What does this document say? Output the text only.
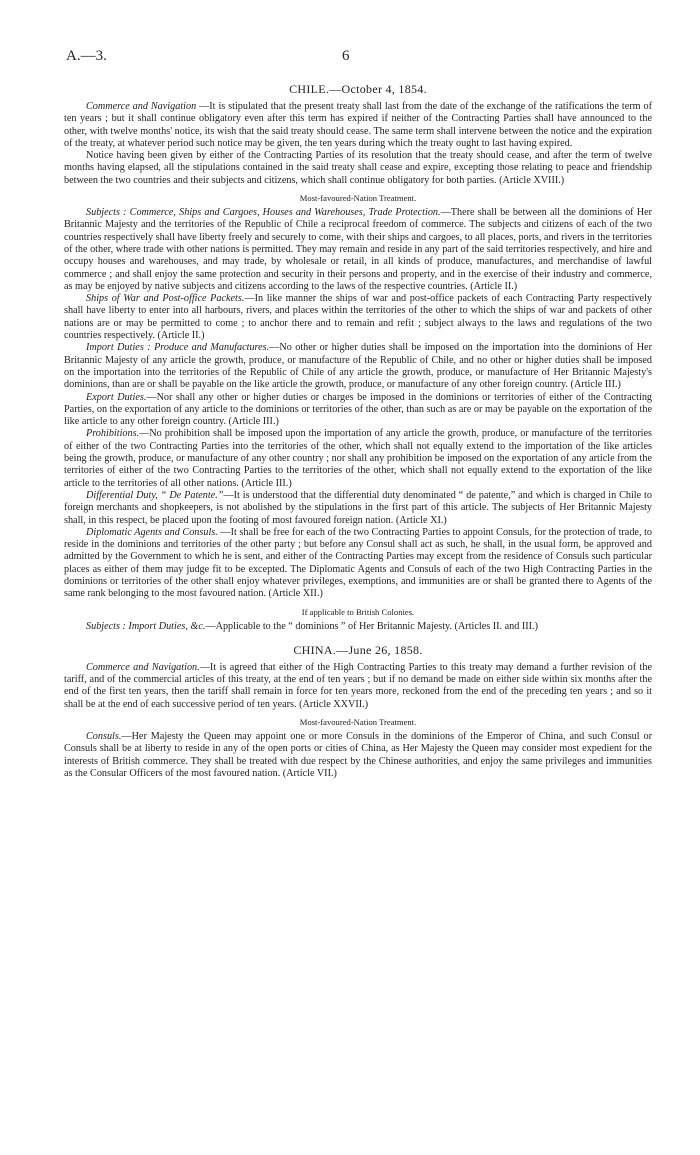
A.—3.	6
CHILE.—October 4, 1854.

Commerce and Navigation —It is stipulated that the present treaty shall last from the date of the exchange of the ratifications the term of ten years ; but it shall continue obligatory even after this term has expired if neither of the Contracting Parties shall have announced to the other, with twelve months' notice, its wish that the said treaty should cease. The same term shall intervene between the notice and the expiration of the treaty, at whatever period such notice may be given, the ten years during which the treaty ought to last having expired.

Notice having been given by either of the Contracting Parties of its resolution that the treaty should cease, and after the term of twelve months having elapsed, all the stipulations contained in the said treaty shall cease and expire, excepting those relating to peace and friendship between the two countries and their subjects and citizens, which shall continue obligatory for both parties. (Article XVIII.)

Most-favoured-Nation Treatment.

Subjects : Commerce, Ships and Cargoes, Houses and Warehouses, Trade Protection.—There shall be between all the dominions of Her Britannic Majesty and the territories of the Republic of Chile a reciprocal freedom of commerce. The subjects and citizens of each of the two countries respectively shall have liberty freely and securely to come, with their ships and cargoes, to all places, ports, and rivers in the territories of the other, where trade with other nations is permitted. They may remain and reside in any part of the said territories respectively, and hire and occupy houses and warehouses, and may trade, by wholesale or retail, in all kinds of produce, manufactures, and merchandise of lawful commerce ; and shall enjoy the same protection and security in their persons and property, and in the exercise of their industry and commerce, as may be enjoyed by native subjects and citizens according to the laws of the respective countries. (Article II.)

Ships of War and Post-office Packets.—In like manner the ships of war and post-office packets of each Contracting Party respectively shall have liberty to enter into all harbours, rivers, and places within the territories of the other to which the ships of war and packets of other nations are or may be permitted to come ; to anchor there and to remain and refit ; subject always to the laws and regulations of the two countries respectively. (Article II.)

Import Duties : Produce and Manufactures.—No other or higher duties shall be imposed on the importation into the dominions of Her Britannic Majesty of any article the growth, produce, or manufacture of the Republic of Chile, and no other or higher duties shall be imposed on the importation into the territories of the Republic of Chile of any article the growth, produce, or manufacture of Her Britannic Majesty's dominions, than are or shall be payable on the like article the growth, produce, or manufacture of any other foreign country. (Article III.)

Export Duties.—Nor shall any other or higher duties or charges be imposed in the dominions or territories of either of the Contracting Parties, on the exportation of any article to the dominions or territories of the other, than such as are or may be payable on the exportation of the like article to any other foreign country. (Article III.)

Prohibitions.—No prohibition shall be imposed upon the importation of any article the growth, produce, or manufacture of the territories of either of the two Contracting Parties into the territories of the other, which shall not equally extend to the importation of the like articles being the growth, produce, or manufacture of any other country ; nor shall any prohibition be imposed on the exportation of any article from the territories of either of the two Contracting Parties to the territories of the other, which shall not equally extend to the exportation of the like article to the territories of all other nations. (Article III.)

Differential Duty, “ De Patente.”—It is understood that the differential duty denominated “ de patente,” and which is charged in Chile to foreign merchants and shopkeepers, is not abolished by the stipulations in the first part of this article. The subjects of Her Britannic Majesty shall, in this respect, be placed upon the footing of most favoured foreign nation. (Article XI.)

Diplomatic Agents and Consuls. —It shall be free for each of the two Contracting Parties to appoint Consuls, for the protection of trade, to reside in the dominions and territories of the other party ; but before any Consul shall act as such, he shall, in the usual form, be approved and admitted by the Government to which he is sent, and either of the Contracting Parties may except from the residence of Consuls such particular places as either of them may judge fit to be excepted. The Diplomatic Agents and Consuls of each of the two High Contracting Parties in the dominions or territories of the other shall enjoy whatever privileges, exemptions, and immunities are or shall be granted there to Agents of the same rank belonging to the most favoured nation. (Article XII.)

If applicable to British Colonies.

Subjects : Import Duties, &c.—Applicable to the “ dominions ” of Her Britannic Majesty. (Articles II. and III.)

CHINA.—June 26, 1858.

Commerce and Navigation.—It is agreed that either of the High Contracting Parties to this treaty may demand a further revision of the tariff, and of the commercial articles of this treaty, at the end of ten years ; but if no demand be made on either side within six months after the end of the first ten years, then the tariff shall remain in force for ten years more, reckoned from the end of the preceding ten years ; and so it shall be at the end of each successive period of ten years. (Article XXVII.)

Most-favoured-Nation Treatment.

Consuls.—Her Majesty the Queen may appoint one or more Consuls in the dominions of the Emperor of China, and such Consul or Consuls shall be at liberty to reside in any of the open ports or cities of China, as Her Majesty the Queen may consider most expedient for the interests of British commerce. They shall be treated with due respect by the Chinese authorities, and enjoy the same privileges and immunities as the Consular Officers of the most favoured nation. (Article VII.)
